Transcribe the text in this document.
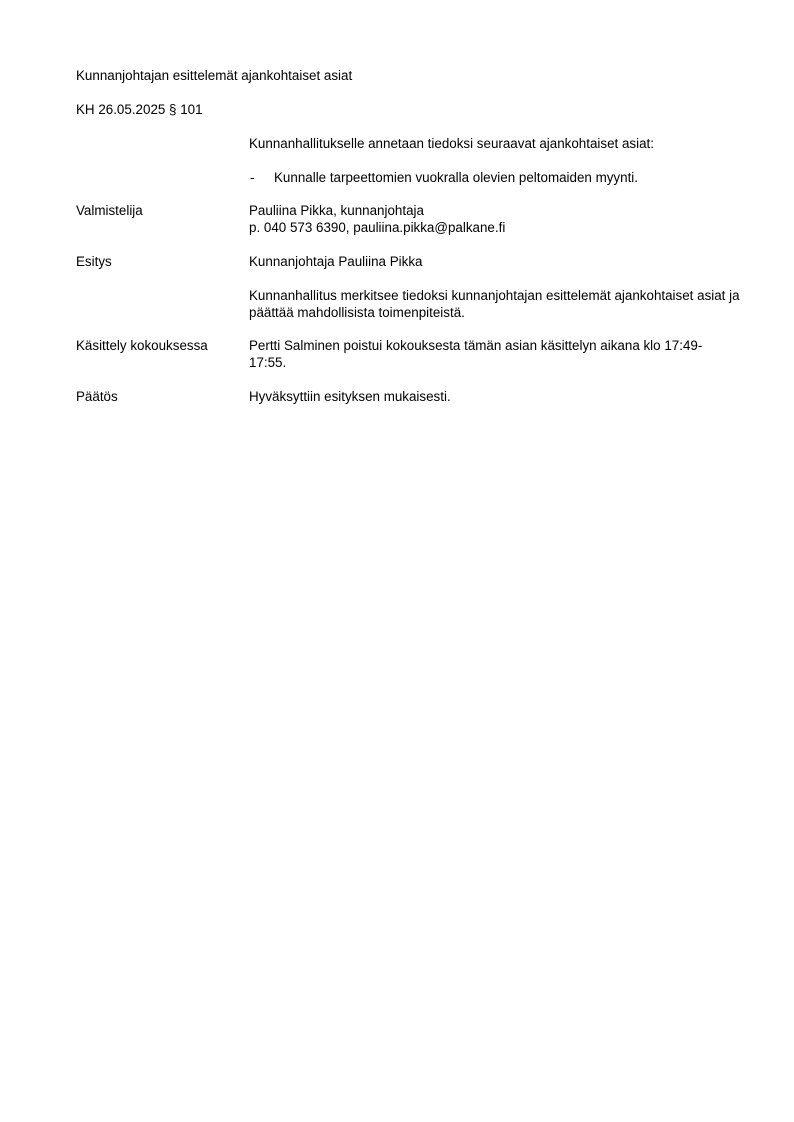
Kunnanjohtajan esittelemät ajankohtaiset asiat
KH 26.05.2025 § 101
Kunnanhallitukselle annetaan tiedoksi seuraavat ajankohtaiset asiat:
- Kunnalle tarpeettomien vuokralla olevien peltomaiden myynti.
Valmistelija	Pauliina Pikka, kunnanjohtaja
p. 040 573 6390, pauliina.pikka@palkane.fi
Esitys	Kunnanjohtaja Pauliina Pikka
Kunnanhallitus merkitsee tiedoksi kunnanjohtajan esittelemät ajankohtaiset asiat ja päättää mahdollisista toimenpiteistä.
Käsittely kokouksessa	Pertti Salminen poistui kokouksesta tämän asian käsittelyn aikana klo 17:49-17:55.
Päätös	Hyväksyttiin esityksen mukaisesti.
